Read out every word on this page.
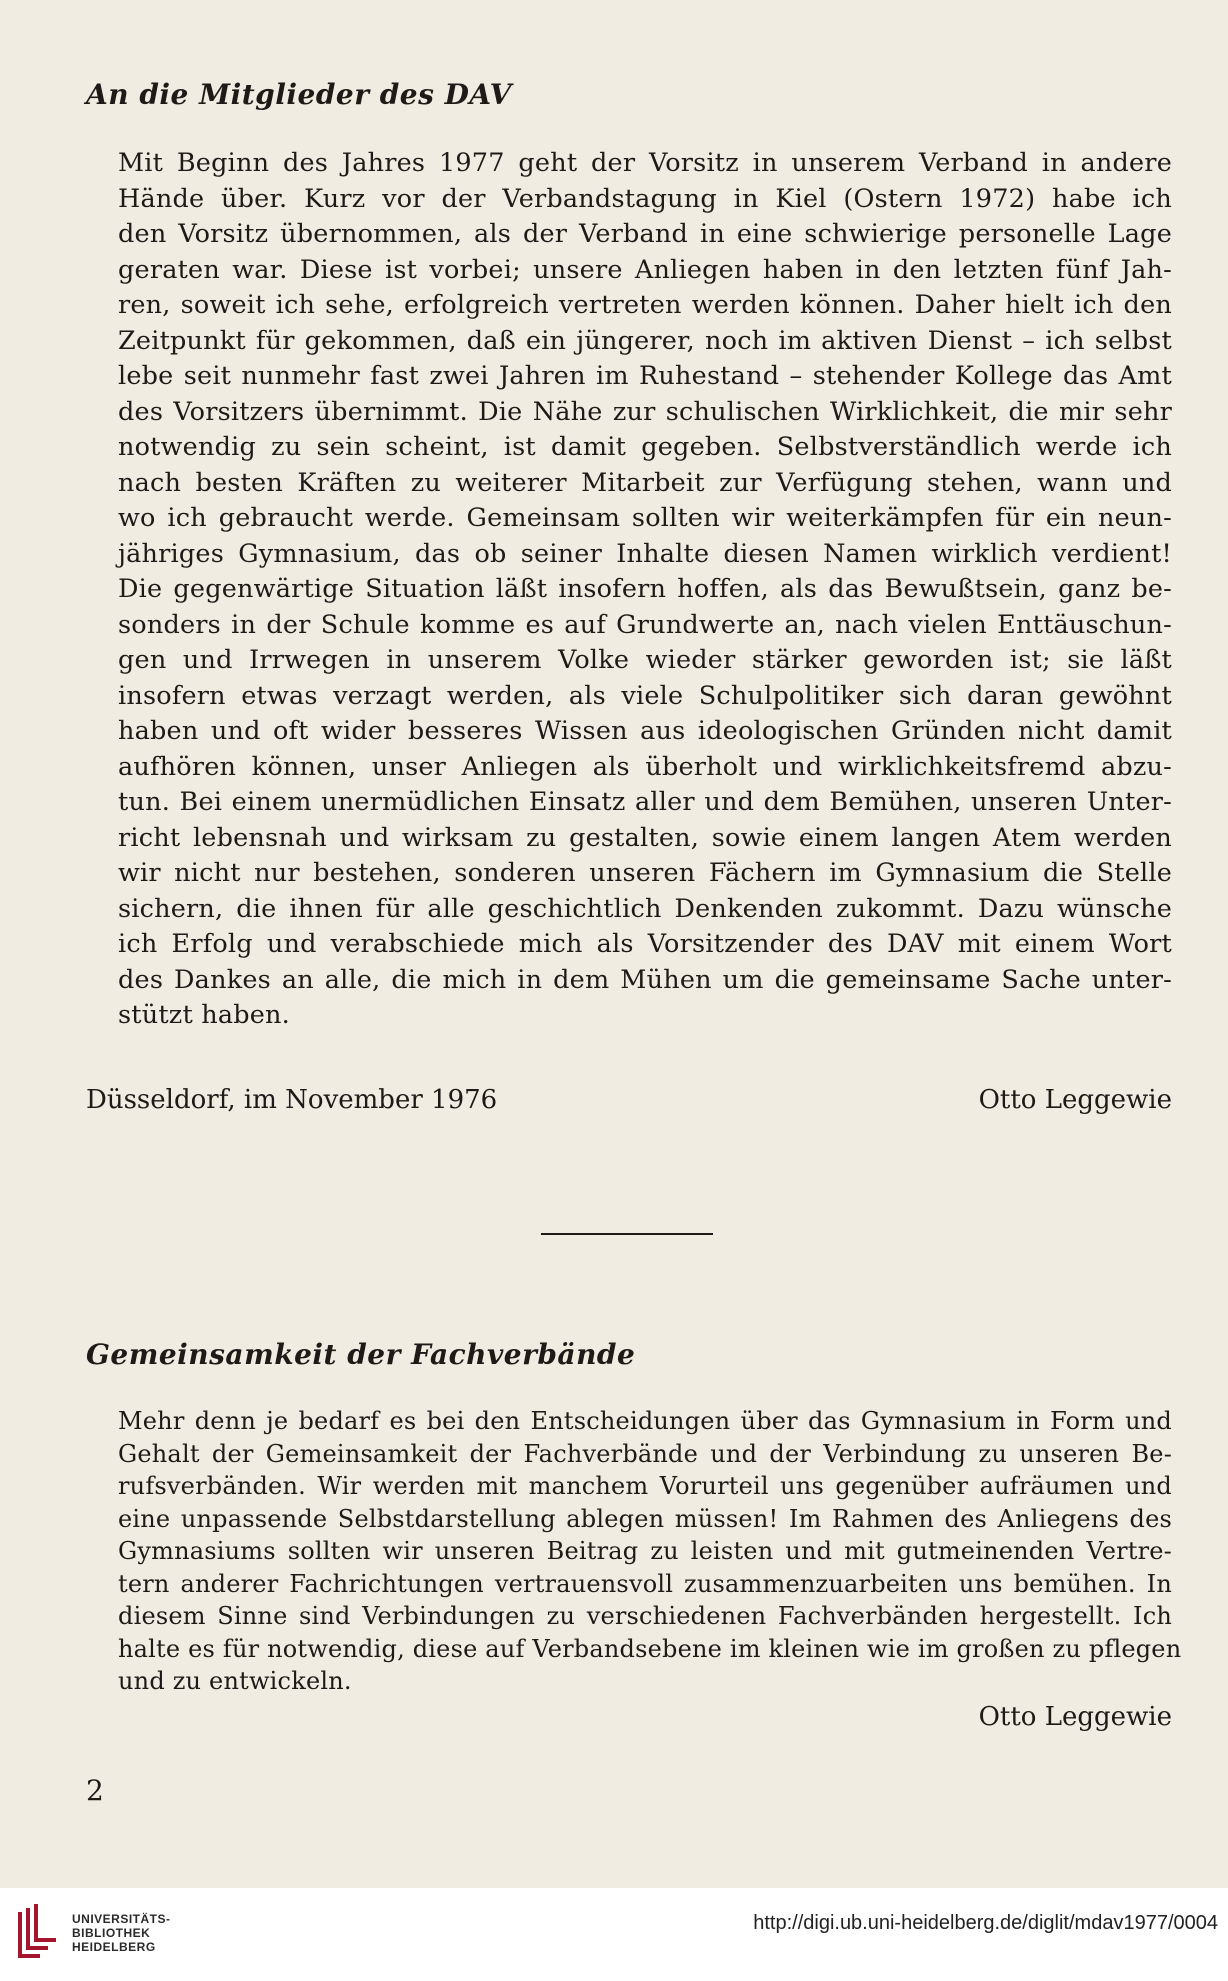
An die Mitglieder des DAV
Mit Beginn des Jahres 1977 geht der Vorsitz in unserem Verband in andere
Hände über. Kurz vor der Verbandstagung in Kiel (Ostern 1972) habe ich
den Vorsitz übernommen, als der Verband in eine schwierige personelle Lage
geraten war. Diese ist vorbei; unsere Anliegen haben in den letzten fünf Jah-
ren, soweit ich sehe, erfolgreich vertreten werden können. Daher hielt ich den
Zeitpunkt für gekommen, daß ein jüngerer, noch im aktiven Dienst – ich selbst
lebe seit nunmehr fast zwei Jahren im Ruhestand – stehender Kollege das Amt
des Vorsitzers übernimmt. Die Nähe zur schulischen Wirklichkeit, die mir sehr
notwendig zu sein scheint, ist damit gegeben. Selbstverständlich werde ich
nach besten Kräften zu weiterer Mitarbeit zur Verfügung stehen, wann und
wo ich gebraucht werde. Gemeinsam sollten wir weiterkämpfen für ein neun-
jähriges Gymnasium, das ob seiner Inhalte diesen Namen wirklich verdient!
Die gegenwärtige Situation läßt insofern hoffen, als das Bewußtsein, ganz be-
sonders in der Schule komme es auf Grundwerte an, nach vielen Enttäuschun-
gen und Irrwegen in unserem Volke wieder stärker geworden ist; sie läßt
insofern etwas verzagt werden, als viele Schulpolitiker sich daran gewöhnt
haben und oft wider besseres Wissen aus ideologischen Gründen nicht damit
aufhören können, unser Anliegen als überholt und wirklichkeitsfremd abzu-
tun. Bei einem unermüdlichen Einsatz aller und dem Bemühen, unseren Unter-
richt lebensnah und wirksam zu gestalten, sowie einem langen Atem werden
wir nicht nur bestehen, sonderen unseren Fächern im Gymnasium die Stelle
sichern, die ihnen für alle geschichtlich Denkenden zukommt. Dazu wünsche
ich Erfolg und verabschiede mich als Vorsitzender des DAV mit einem Wort
des Dankes an alle, die mich in dem Mühen um die gemeinsame Sache unter-
stützt haben.
Düsseldorf, im November 1976	Otto Leggewie
Gemeinsamkeit der Fachverbände
Mehr denn je bedarf es bei den Entscheidungen über das Gymnasium in Form und
Gehalt der Gemeinsamkeit der Fachverbände und der Verbindung zu unseren Be-
rufsverbänden. Wir werden mit manchem Vorurteil uns gegenüber aufräumen und
eine unpassende Selbstdarstellung ablegen müssen! Im Rahmen des Anliegens des
Gymnasiums sollten wir unseren Beitrag zu leisten und mit gutmeinenden Vertre-
tern anderer Fachrichtungen vertrauensvoll zusammenzuarbeiten uns bemühen. In
diesem Sinne sind Verbindungen zu verschiedenen Fachverbänden hergestellt. Ich
halte es für notwendig, diese auf Verbandsebene im kleinen wie im großen zu pflegen
und zu entwickeln.
Otto Leggewie
2
UNIVERSITÄTS-
BIBLIOTHEK
HEIDELBERG
http://digi.ub.uni-heidelberg.de/diglit/mdav1977/0004
